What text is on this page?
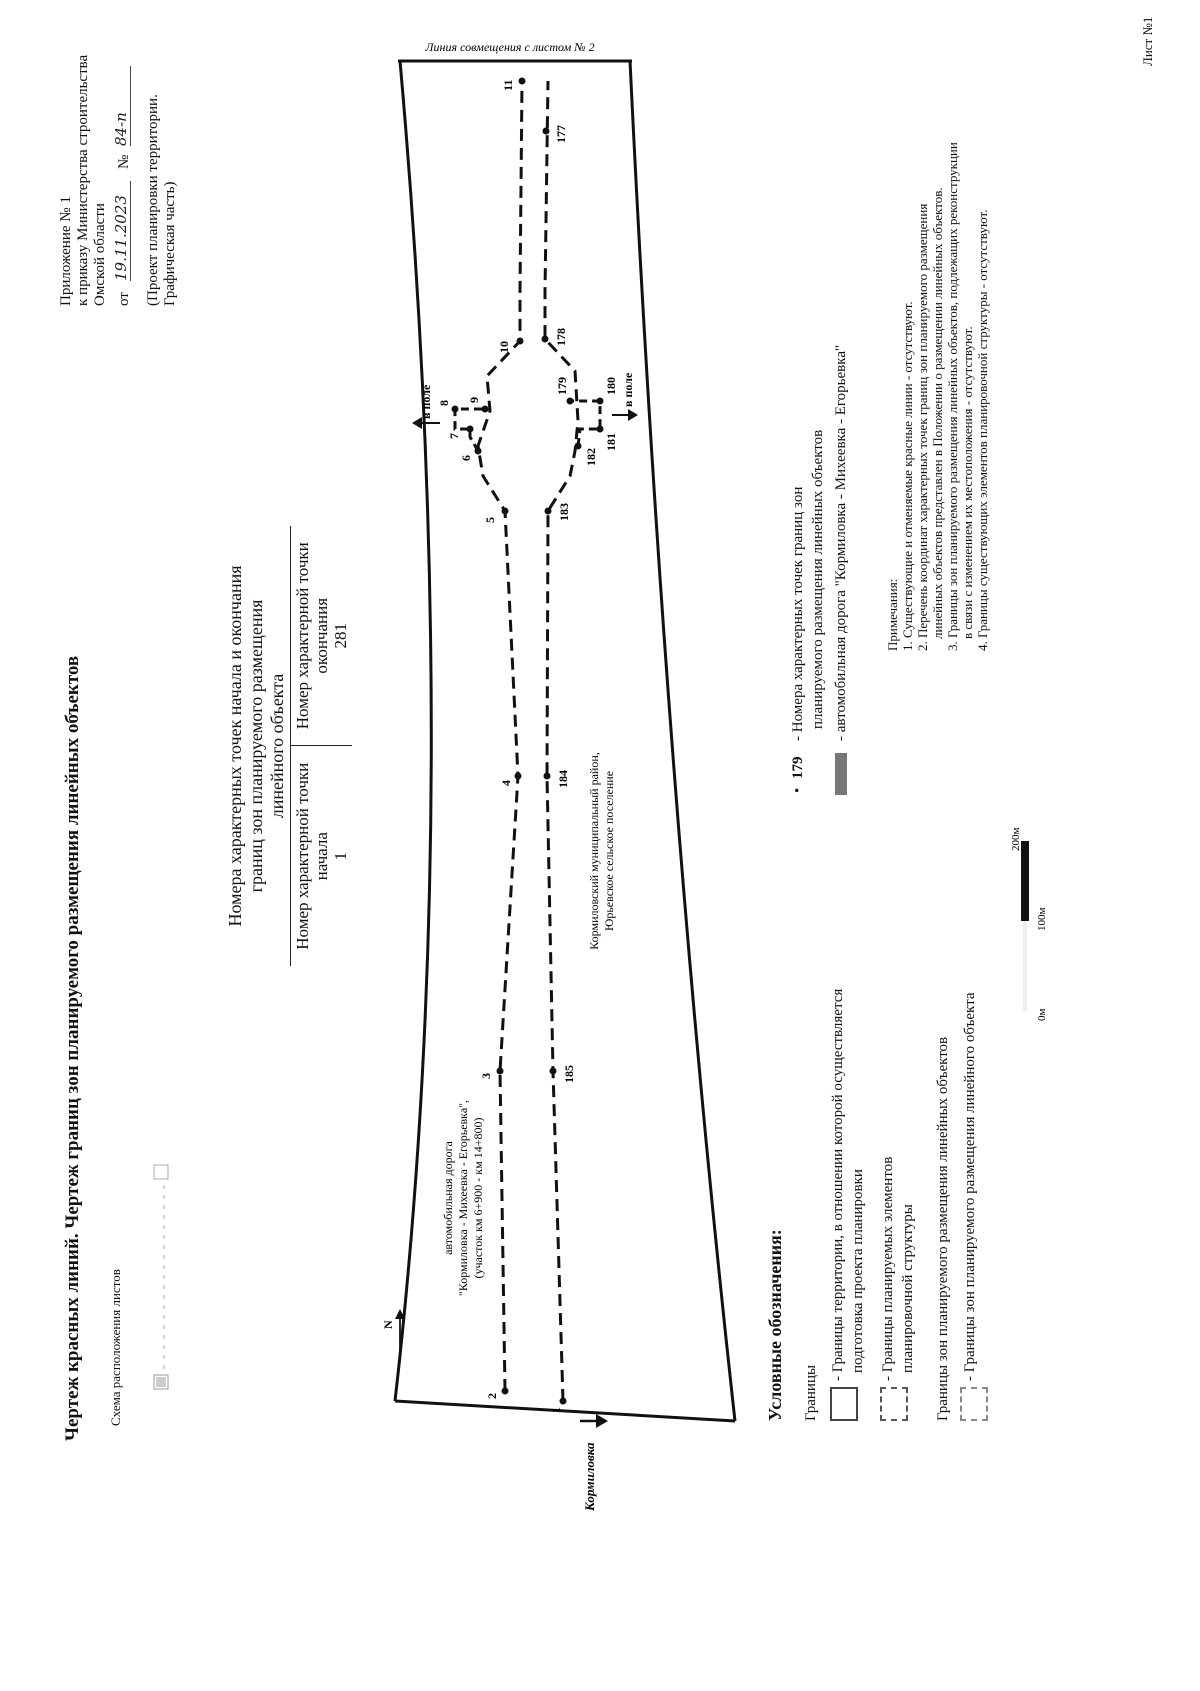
Чертеж красных линий. Чертеж границ зон планируемого размещения линейных объектов Схема расположения листов
Приложение № 1 к приказу Министерства строительства Омской области от
19.11.2023
№
84-п (Проект планировки территории. Графическая часть)
Номера характерных точек начала и окончания границ зон планируемого размещения линейного объекта
Номер характерной точки начала 1
Номер характерной точки окончания 281
2
3
4
5
6
7
8 9
10
11
1
185
184
183
182
181
180
179
178
177
в поле	в поле
Кормиловка
N
автомобильная дорога "Кормиловка - Михеевка - Егорьевка", (участок км 6+900 - км 14+800)
Кормиловский муниципальный район, Юрьевское сельское поселение
Линия совмещения с листом № 2
Условные обозначения: Границы
- Границы территории, в отношении которой осуществляется подготовка проекта планировки - Границы планируемых элементов планировочной структуры Границы зон планируемого размещения линейных объектов - Границы зон планируемого размещения линейного объекта
•
179
- Номера характерных точек границ зон планируемого размещения линейных объектов - автомобильная дорога "Кормиловка - Михеевка - Егорьевка"
0м
100м
200м
Примечания: 1. Существующие и отменяемые красные линии - отсутствуют. 2. Перечень координат характерных точек границ зон планируемого размещения линейных объектов представлен в Положении о размещении линейных объектов. 3. Границы зон планируемого размещения линейных объектов, подлежащих реконструкции в связи с изменением их местоположения - отсутствуют. 4. Границы существующих элементов планировочной структуры - отсутствуют.
Лист №1
